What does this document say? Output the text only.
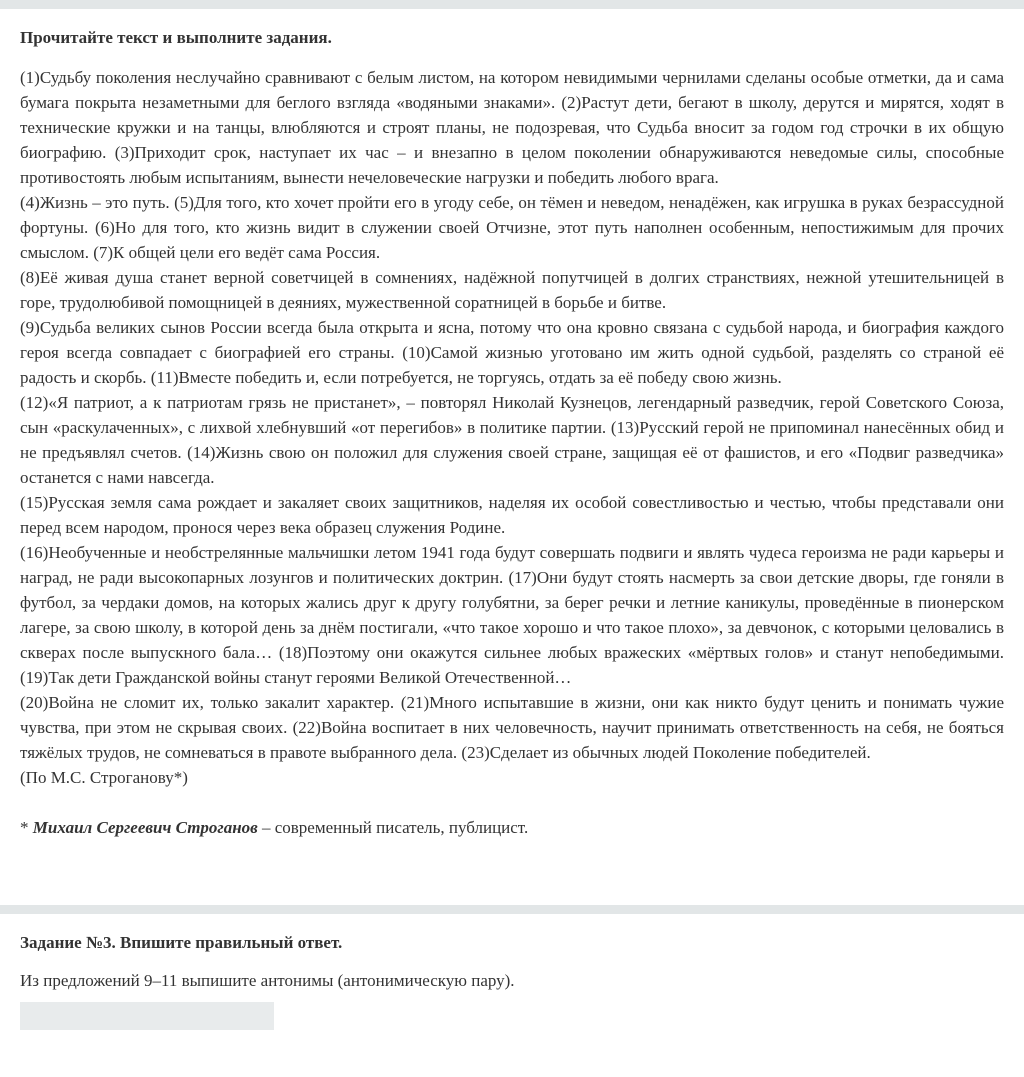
Прочитайте текст и выполните задания.

(1)Судьбу поколения неслучайно сравнивают с белым листом, на котором невидимыми чернилами сделаны особые отметки, да и сама бумага покрыта незаметными для беглого взгляда «водяными знаками». (2)Растут дети, бегают в школу, дерутся и мирятся, ходят в технические кружки и на танцы, влюбляются и строят планы, не подозревая, что Судьба вносит за годом год строчки в их общую биографию. (3)Приходит срок, наступает их час – и внезапно в целом поколении обнаруживаются неведомые силы, способные противостоять любым испытаниям, вынести нечеловеческие нагрузки и победить любого врага.

(4)Жизнь – это путь. (5)Для того, кто хочет пройти его в угоду себе, он тёмен и неведом, ненадёжен, как игрушка в руках безрассудной фортуны. (6)Но для того, кто жизнь видит в служении своей Отчизне, этот путь наполнен особенным, непостижимым для прочих смыслом. (7)К общей цели его ведёт сама Россия.

(8)Её живая душа станет верной советчицей в сомнениях, надёжной попутчицей в долгих странствиях, нежной утешительницей в горе, трудолюбивой помощницей в деяниях, мужественной соратницей в борьбе и битве.

(9)Судьба великих сынов России всегда была открыта и ясна, потому что она кровно связана с судьбой народа, и биография каждого героя всегда совпадает с биографией его страны. (10)Самой жизнью уготовано им жить одной судьбой, разделять со страной её радость и скорбь. (11)Вместе победить и, если потребуется, не торгуясь, отдать за её победу свою жизнь.

(12)«Я патриот, а к патриотам грязь не пристанет», – повторял Николай Кузнецов, легендарный разведчик, герой Советского Союза, сын «раскулаченных», с лихвой хлебнувший «от перегибов» в политике партии. (13)Русский герой не припоминал нанесённых обид и не предъявлял счетов. (14)Жизнь свою он положил для служения своей стране, защищая её от фашистов, и его «Подвиг разведчика» останется с нами навсегда.

(15)Русская земля сама рождает и закаляет своих защитников, наделяя их особой совестливостью и честью, чтобы представали они перед всем народом, пронося через века образец служения Родине.

(16)Необученные и необстрелянные мальчишки летом 1941 года будут совершать подвиги и являть чудеса героизма не ради карьеры и наград, не ради высокопарных лозунгов и политических доктрин. (17)Они будут стоять насмерть за свои детские дворы, где гоняли в футбол, за чердаки домов, на которых жались друг к другу голубятни, за берег речки и летние каникулы, проведённые в пионерском лагере, за свою школу, в которой день за днём постигали, «что такое хорошо и что такое плохо», за девчонок, с которыми целовались в скверах после выпускного бала… (18)Поэтому они окажутся сильнее любых вражеских «мёртвых голов» и станут непобедимыми. (19)Так дети Гражданской войны станут героями Великой Отечественной…

(20)Война не сломит их, только закалит характер. (21)Много испытавшие в жизни, они как никто будут ценить и понимать чужие чувства, при этом не скрывая своих. (22)Война воспитает в них человечность, научит принимать ответственность на себя, не бояться тяжёлых трудов, не сомневаться в правоте выбранного дела. (23)Сделает из обычных людей Поколение победителей.

(По М.С. Строганову*)

* Михаил Сергеевич Строганов – современный писатель, публицист.
Задание №3. Впишите правильный ответ.
Из предложений 9–11 выпишите антонимы (антонимическую пару).
